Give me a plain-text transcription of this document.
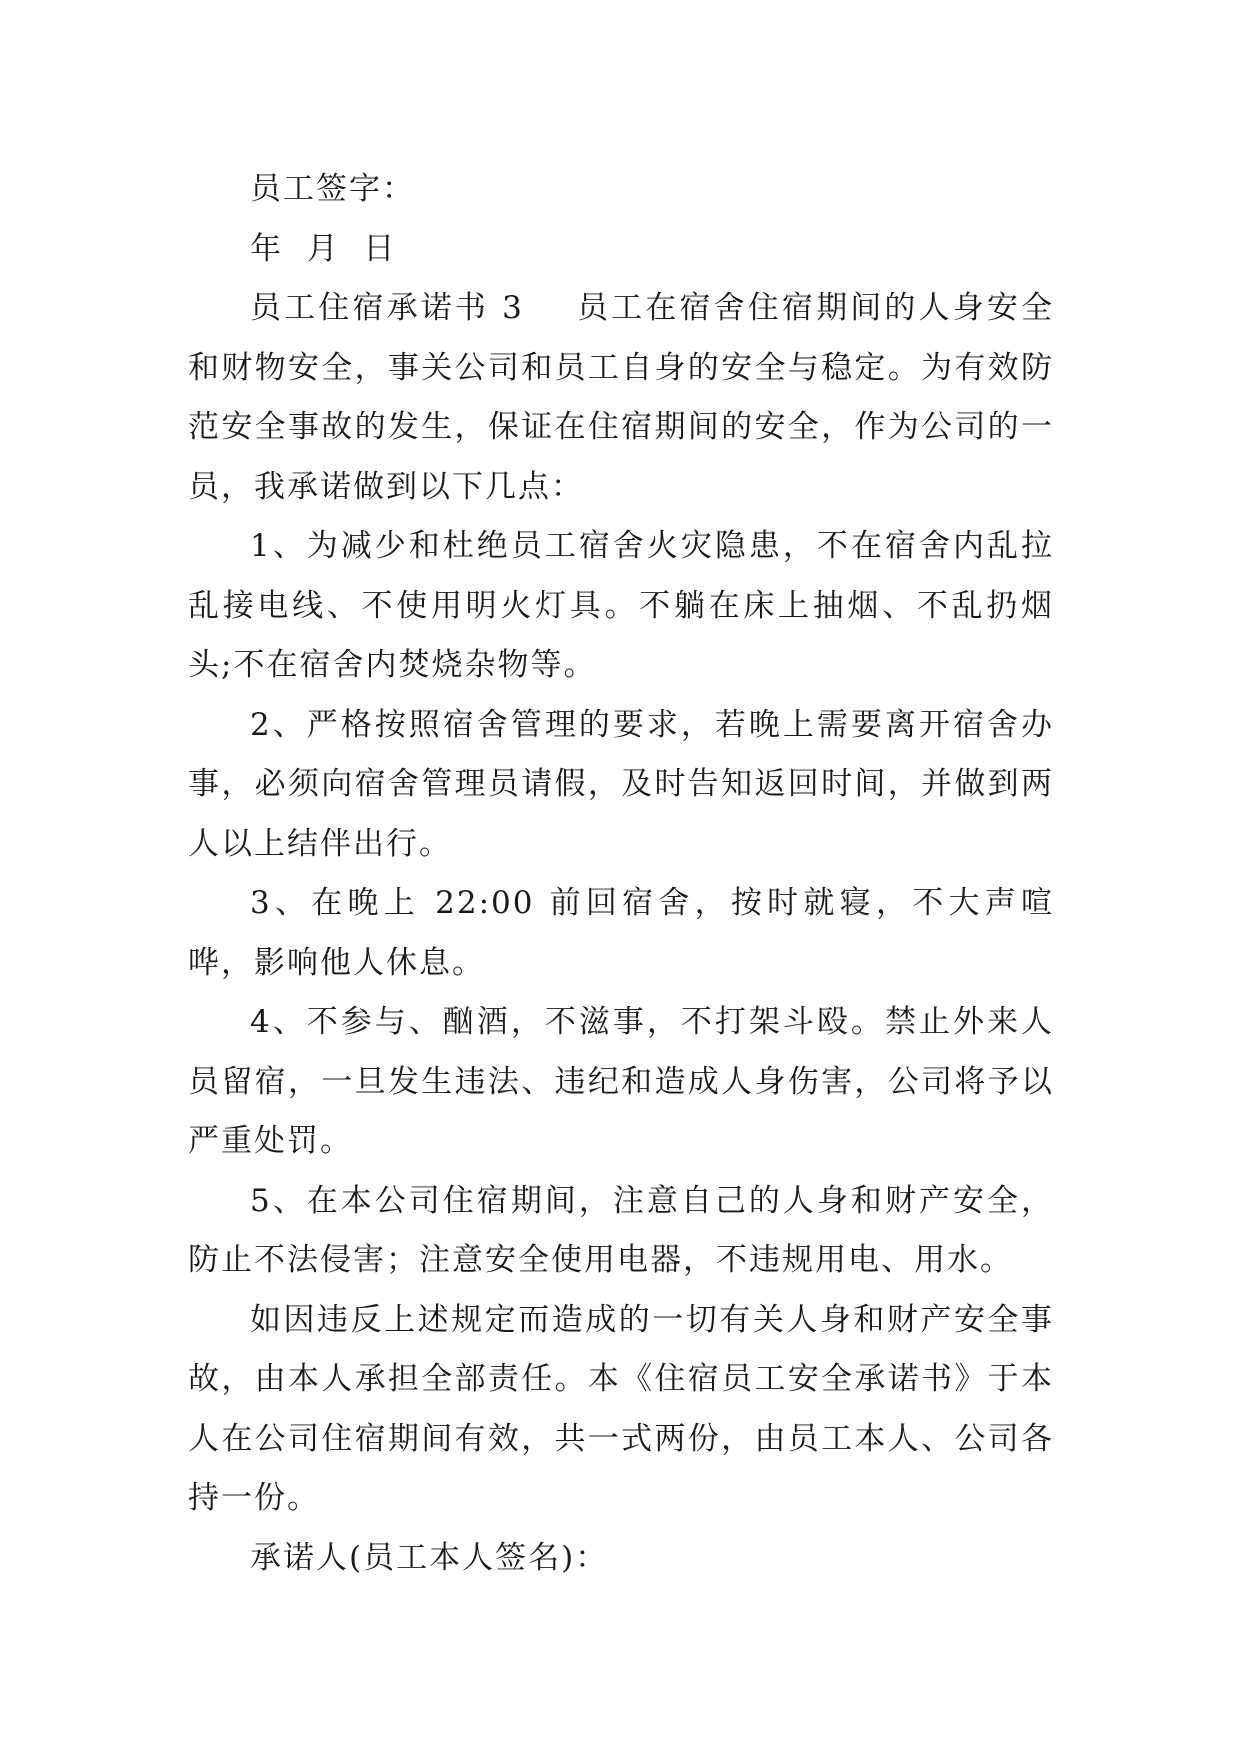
员工签字：

年  月  日

员工住宿承诺书 3 员工在宿舍住宿期间的人身安全和财物安全，事关公司和员工自身的安全与稳定。为有效防范安全事故的发生，保证在住宿期间的安全，作为公司的一员，我承诺做到以下几点：

1、为减少和杜绝员工宿舍火灾隐患，不在宿舍内乱拉乱接电线、不使用明火灯具。不躺在床上抽烟、不乱扔烟头;不在宿舍内焚烧杂物等。

2、严格按照宿舍管理的要求，若晚上需要离开宿舍办事，必须向宿舍管理员请假，及时告知返回时间，并做到两人以上结伴出行。

3、在晚上 22:00 前回宿舍，按时就寝，不大声喧哗，影响他人休息。

4、不参与、酗酒，不滋事，不打架斗殴。禁止外来人员留宿，一旦发生违法、违纪和造成人身伤害，公司将予以严重处罚。

5、在本公司住宿期间，注意自己的人身和财产安全，防止不法侵害；注意安全使用电器，不违规用电、用水。

如因违反上述规定而造成的一切有关人身和财产安全事故，由本人承担全部责任。本《住宿员工安全承诺书》于本人在公司住宿期间有效，共一式两份，由员工本人、公司各持一份。

承诺人(员工本人签名)：
